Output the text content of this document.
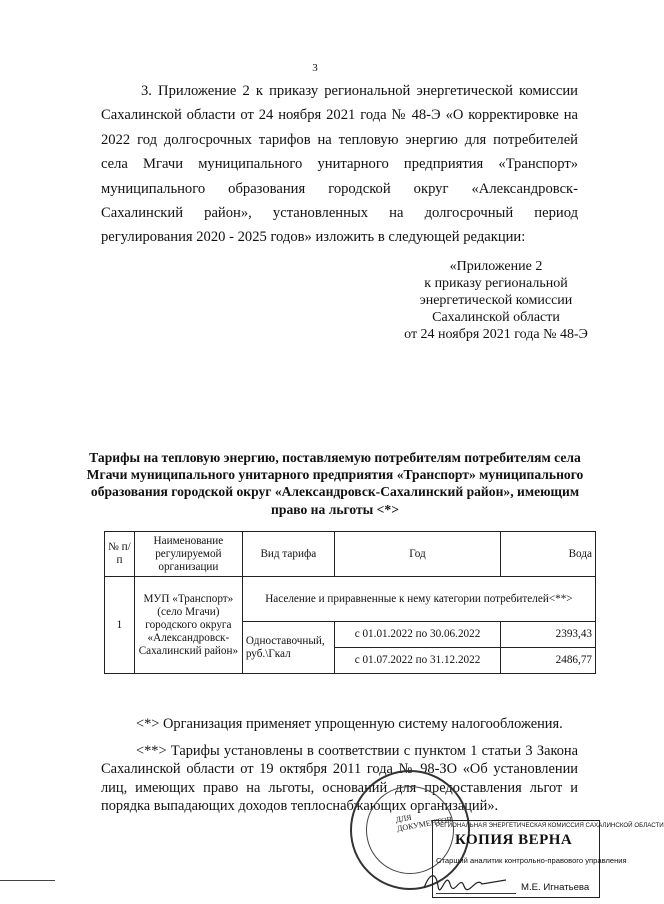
3

3. Приложение 2 к приказу региональной энергетической комиссии Сахалинской области от 24 ноября 2021 года № 48-Э «О корректировке на 2022 год долгосрочных тарифов на тепловую энергию для потребителей села Мгачи муниципального унитарного предприятия «Транспорт» муниципального образования городской округ «Александровск-Сахалинский район», установленных на долгосрочный период регулирования 2020 - 2025 годов» изложить в следующей редакции:

«Приложение 2
к приказу региональной
энергетической комиссии
Сахалинской области
от 24 ноября 2021 года № 48-Э
Тарифы на тепловую энергию, поставляемую потребителям потребителям села Мгачи муниципального унитарного предприятия «Транспорт» муниципального образования городской округ «Александровск-Сахалинский район», имеющим право на льготы <*>
№ п/п	Наименование регулируемой организации	Вид тарифа	Год	Вода
1	МУП «Транспорт» (село Мгачи) городского округа «Александровск-Сахалинский район»	Население и приравненные к нему категории потребителей<**>		
		Одноставочный, руб.\Гкал	с 01.01.2022 по 30.06.2022	2393,43
			с 01.07.2022 по 31.12.2022	2486,77

<*> Организация применяет упрощенную систему налогообложения.

<**> Тарифы установлены в соответствии с пунктом 1 статьи 3 Закона Сахалинской области от 19 октября 2011 года № 98-ЗО «Об установлении лиц, имеющих право на льготы, оснований для предоставления льгот и порядка выпадающих доходов теплоснабжающих организаций».

ДЛЯ ДОКУМЕНТОВ
РЕГИОНАЛЬНАЯ ЭНЕРГЕТИЧЕСКАЯ КОМИССИЯ САХАЛИНСКОЙ ОБЛАСТИ
КОПИЯ ВЕРНА
Старший аналитик контрольно-правового управления
М.Е. Игнатьева
